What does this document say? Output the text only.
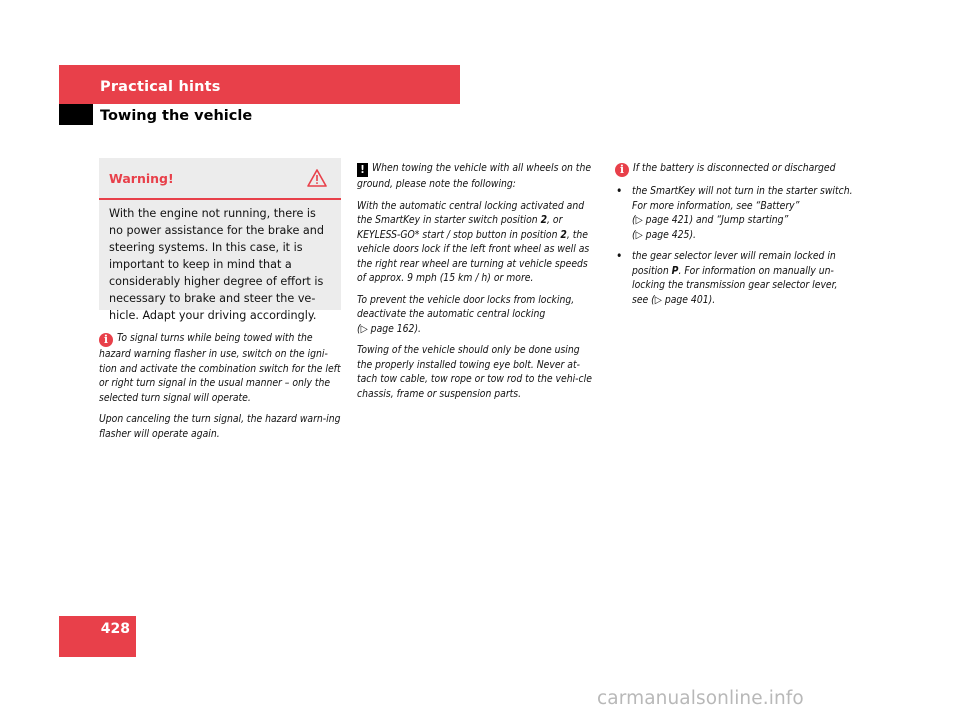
Practical hints
Towing the vehicle
Warning!
With the engine not running, there is no power assistance for the brake and steering systems. In this case, it is important to keep in mind that a considerably higher degree of effort is necessary to brake and steer the ve-hicle. Adapt your driving accordingly.

i To signal turns while being towed with the hazard warning flasher in use, switch on the igni-tion and activate the combination switch for the left or right turn signal in the usual manner – only the selected turn signal will operate.

Upon canceling the turn signal, the hazard warn-ing flasher will operate again.

! When towing the vehicle with all wheels on the ground, please note the following:

With the automatic central locking activated and the SmartKey in starter switch position 2, or KEYLESS-GO* start / stop button in position 2, the vehicle doors lock if the left front wheel as well as the right rear wheel are turning at vehicle speeds of approx. 9 mph (15 km / h) or more.

To prevent the vehicle door locks from locking, deactivate the automatic central locking
(▷ page 162).

Towing of the vehicle should only be done using the properly installed towing eye bolt. Never at-tach tow cable, tow rope or tow rod to the vehi-cle chassis, frame or suspension parts.

i If the battery is disconnected or discharged

• the SmartKey will not turn in the starter switch. For more information, see “Battery”
(▷ page 421) and “Jump starting”
(▷ page 425).
• the gear selector lever will remain locked in position P. For information on manually un-locking the transmission gear selector lever, see (▷ page 401).
428
carmanualsonline.info
